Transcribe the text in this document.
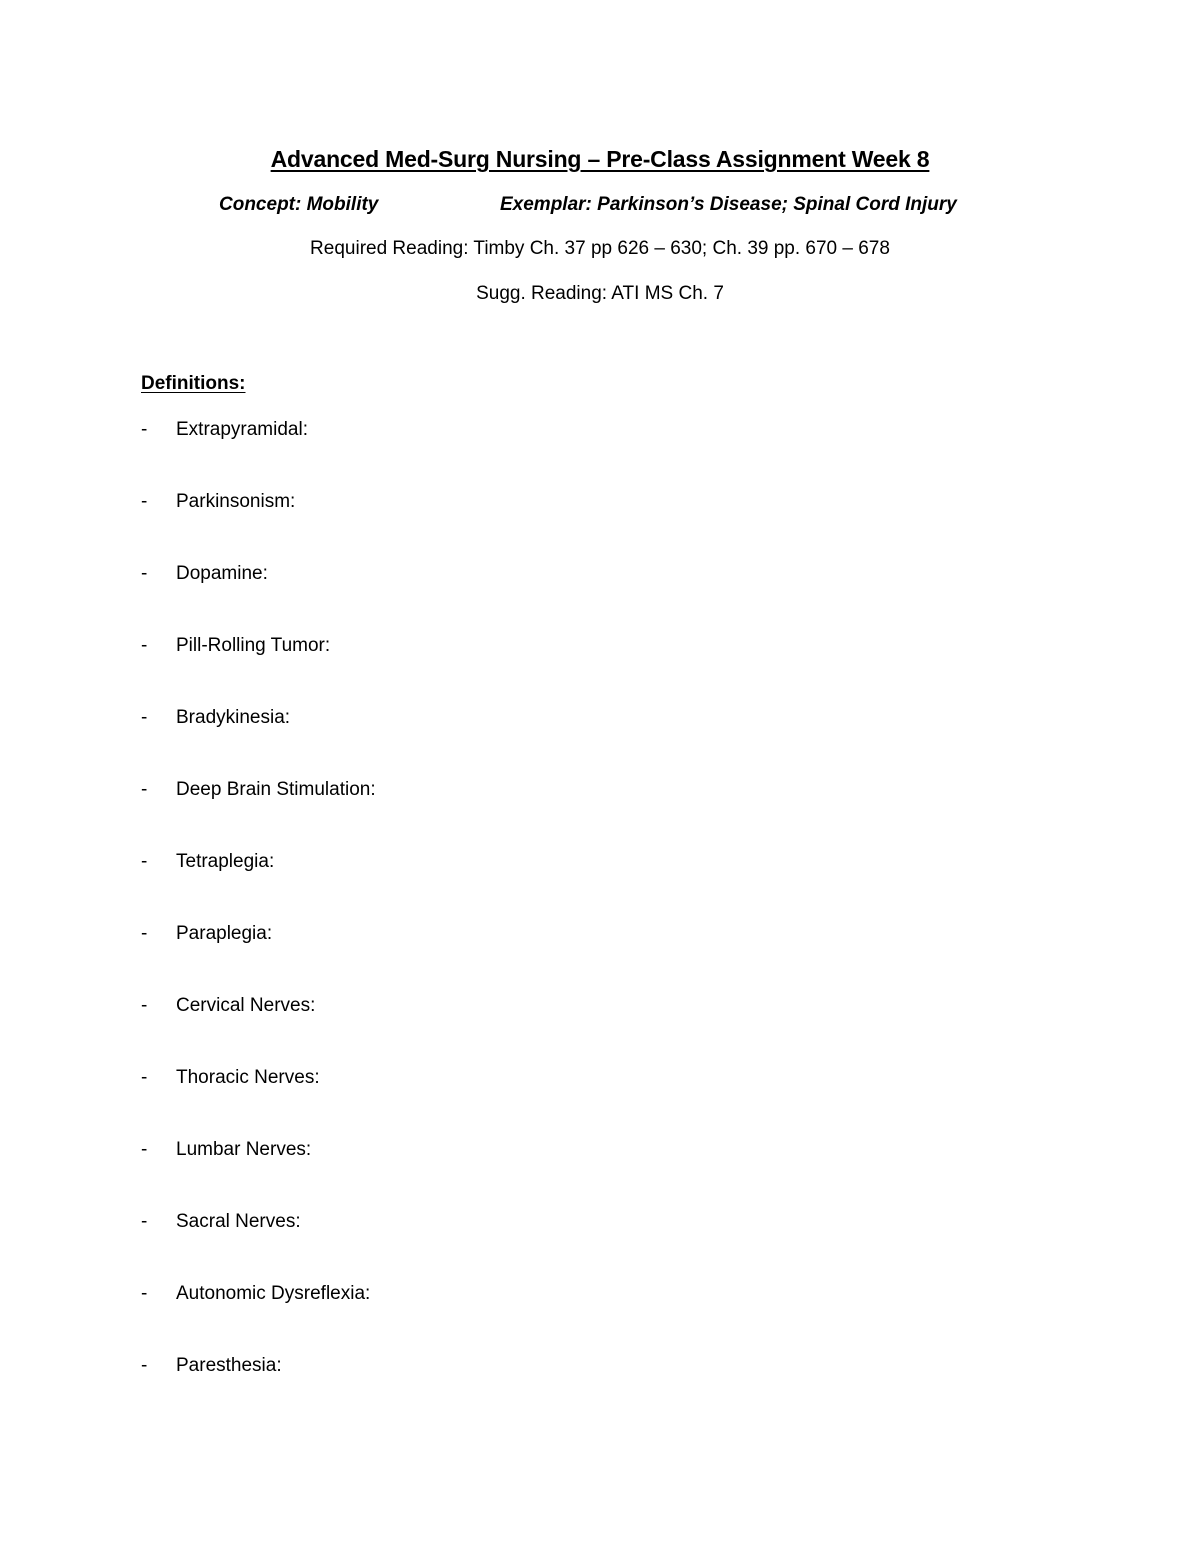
Advanced Med-Surg Nursing – Pre-Class Assignment Week 8
Concept: Mobility	Exemplar: Parkinson’s Disease; Spinal Cord Injury
Required Reading: Timby Ch. 37 pp 626 – 630; Ch. 39 pp. 670 – 678
Sugg. Reading: ATI MS Ch. 7
Definitions:
-	Extrapyramidal:
-	Parkinsonism:
-	Dopamine:
-	Pill-Rolling Tumor:
-	Bradykinesia:
-	Deep Brain Stimulation:
-	Tetraplegia:
-	Paraplegia:
-	Cervical Nerves:
-	Thoracic Nerves:
-	Lumbar Nerves:
-	Sacral Nerves:
-	Autonomic Dysreflexia:
-	Paresthesia:
